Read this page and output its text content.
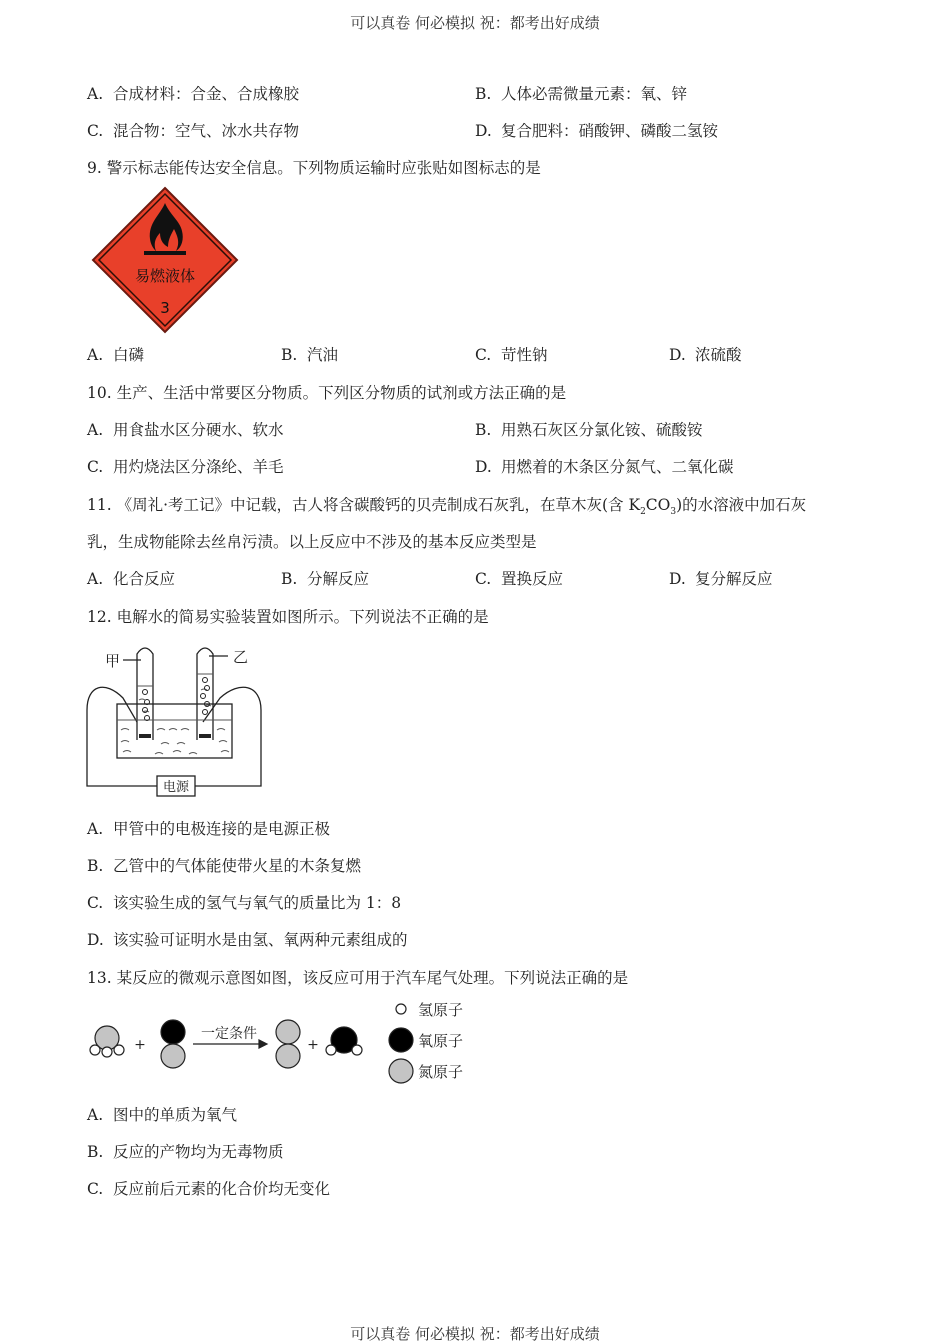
可以真卷 何必模拟 祝：都考出好成绩
A. 合成材料：合金、合成橡胶	B. 人体必需微量元素：氧、锌
C. 混合物：空气、冰水共存物	D. 复合肥料：硝酸钾、磷酸二氢铵
9. 警示标志能传达安全信息。下列物质运输时应张贴如图标志的是
易燃液体
3
A. 白磷	B. 汽油	C. 苛性钠	D. 浓硫酸
10. 生产、生活中常要区分物质。下列区分物质的试剂或方法正确的是
A. 用食盐水区分硬水、软水	B. 用熟石灰区分氯化铵、硫酸铵
C. 用灼烧法区分涤纶、羊毛	D. 用燃着的木条区分氮气、二氧化碳
11. 《周礼·考工记》中记载，古人将含碳酸钙的贝壳制成石灰乳，在草木灰(含 $K_2CO_3$)的水溶液中加石灰
乳，生成物能除去丝帛污渍。以上反应中不涉及的基本反应类型是
A. 化合反应	B. 分解反应	C. 置换反应	D. 复分解反应
12. 电解水的简易实验装置如图所示。下列说法不正确的是
甲	乙
电源
A. 甲管中的电极连接的是电源正极
B. 乙管中的气体能使带火星的木条复燃
C. 该实验生成的氢气与氧气的质量比为 1：8
D. 该实验可证明水是由氢、氧两种元素组成的
13. 某反应的微观示意图如图，该反应可用于汽车尾气处理。下列说法正确的是
+	+
一定条件
氢原子
氧原子
氮原子
A. 图中的单质为氧气
B. 反应的产物均为无毒物质
C. 反应前后元素的化合价均无变化
可以真卷 何必模拟 祝：都考出好成绩
